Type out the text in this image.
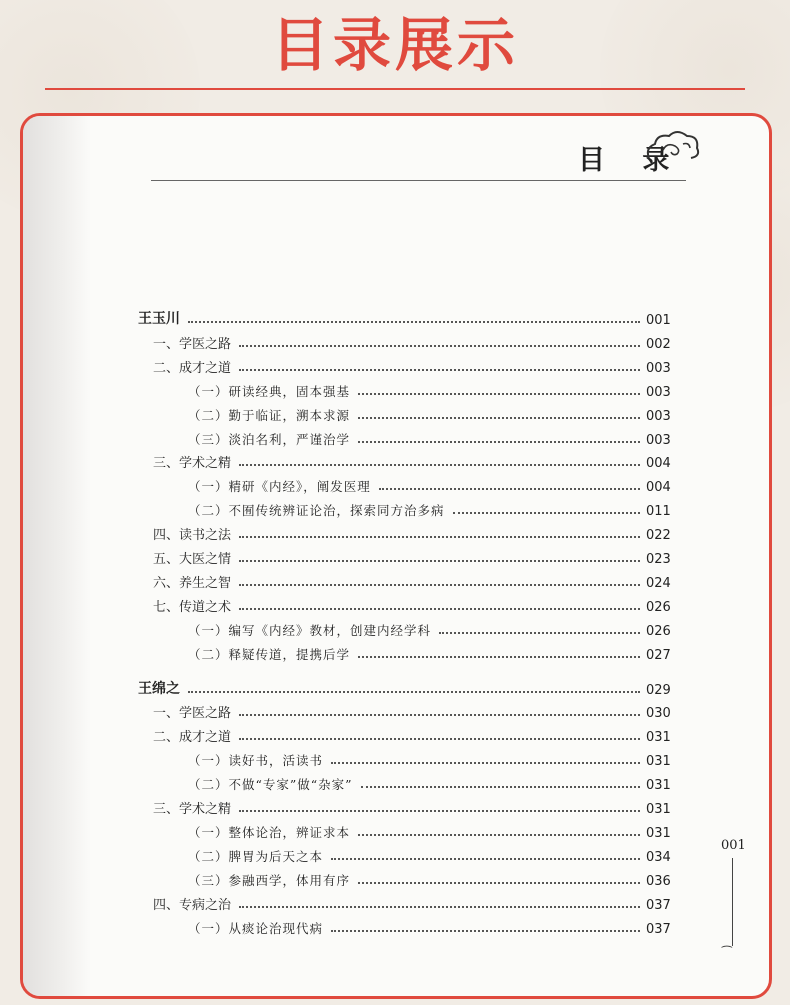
目录展示
目 录
王玉川	001
一、学医之路	002
二、成才之道	003
（一）研读经典，固本强基	003
（二）勤于临证，溯本求源	003
（三）淡泊名利，严谨治学	003
三、学术之精	004
（一）精研《内经》，阐发医理	004
（二）不囿传统辨证论治，探索同方治多病	011
四、读书之法	022
五、大医之情	023
六、养生之智	024
七、传道之术	026
（一）编写《内经》教材，创建内经学科	026
（二）释疑传道，提携后学	027
王绵之	029
一、学医之路	030
二、成才之道	031
（一）读好书，活读书	031
（二）不做“专家”做“杂家”	031
三、学术之精	031
（一）整体论治，辨证求本	031
（二）脾胃为后天之本	034
（三）参融西学，体用有序	036
四、专病之治	037
（一）从痰论治现代病	037
001
⁀
